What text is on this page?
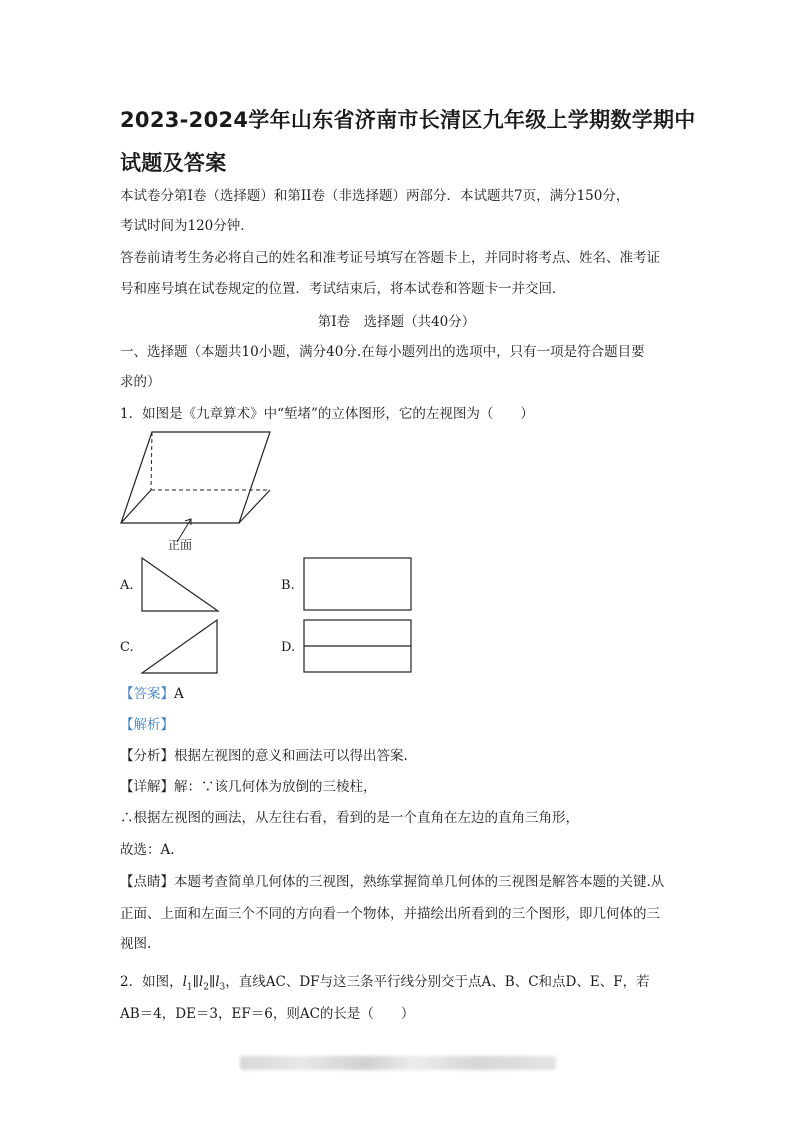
2023-2024学年山东省济南市长清区九年级上学期数学期中
试题及答案
本试卷分第Ⅰ卷（选择题）和第II卷（非选择题）两部分．本试题共7页，满分150分，
考试时间为120分钟．
答卷前请考生务必将自己的姓名和准考证号填写在答题卡上，并同时将考点、姓名、准考证
号和座号填在试卷规定的位置．考试结束后，将本试卷和答题卡一并交回．
第Ⅰ卷　选择题（共40分）
一、选择题（本题共10小题，满分40分.在每小题列出的选项中，只有一项是符合题目要
求的）
1．如图是《九章算术》中“堑堵”的立体图形，它的左视图为（　　）
正面
A.	B.
C.	D.
【答案】A
【解析】
【分析】根据左视图的意义和画法可以得出答案.
【详解】解：∵该几何体为放倒的三棱柱，
∴根据左视图的画法，从左往右看，看到的是一个直角在左边的直角三角形，
故选：A.
【点睛】本题考查简单几何体的三视图，熟练掌握简单几何体的三视图是解答本题的关键.从
正面、上面和左面三个不同的方向看一个物体，并描绘出所看到的三个图形，即几何体的三
视图.
2．如图，$l_1\parallel l_2\parallel l_3$，直线AC、DF与这三条平行线分别交于点A、B、C和点D、E、F，若
AB＝4，DE＝3，EF＝6，则AC的长是（　　）
